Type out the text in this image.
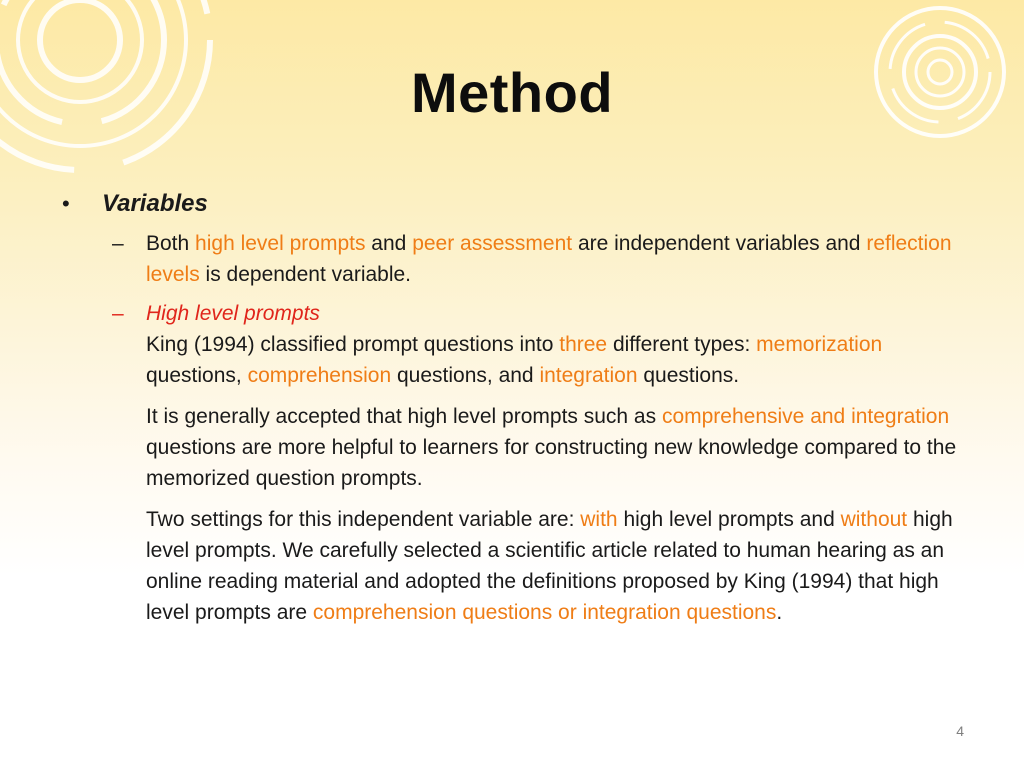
Method
• Variables
– Both high level prompts and peer assessment are independent variables and reflection levels is dependent variable.
– High level prompts
King (1994) classified prompt questions into three different types: memorization questions, comprehension questions, and integration questions.
It is generally accepted that high level prompts such as comprehensive and integration questions are more helpful to learners for constructing new knowledge compared to the memorized question prompts.
Two settings for this independent variable are: with high level prompts and without high level prompts. We carefully selected a scientific article related to human hearing as an online reading material and adopted the definitions proposed by King (1994) that high level prompts are comprehension questions or integration questions.
4
